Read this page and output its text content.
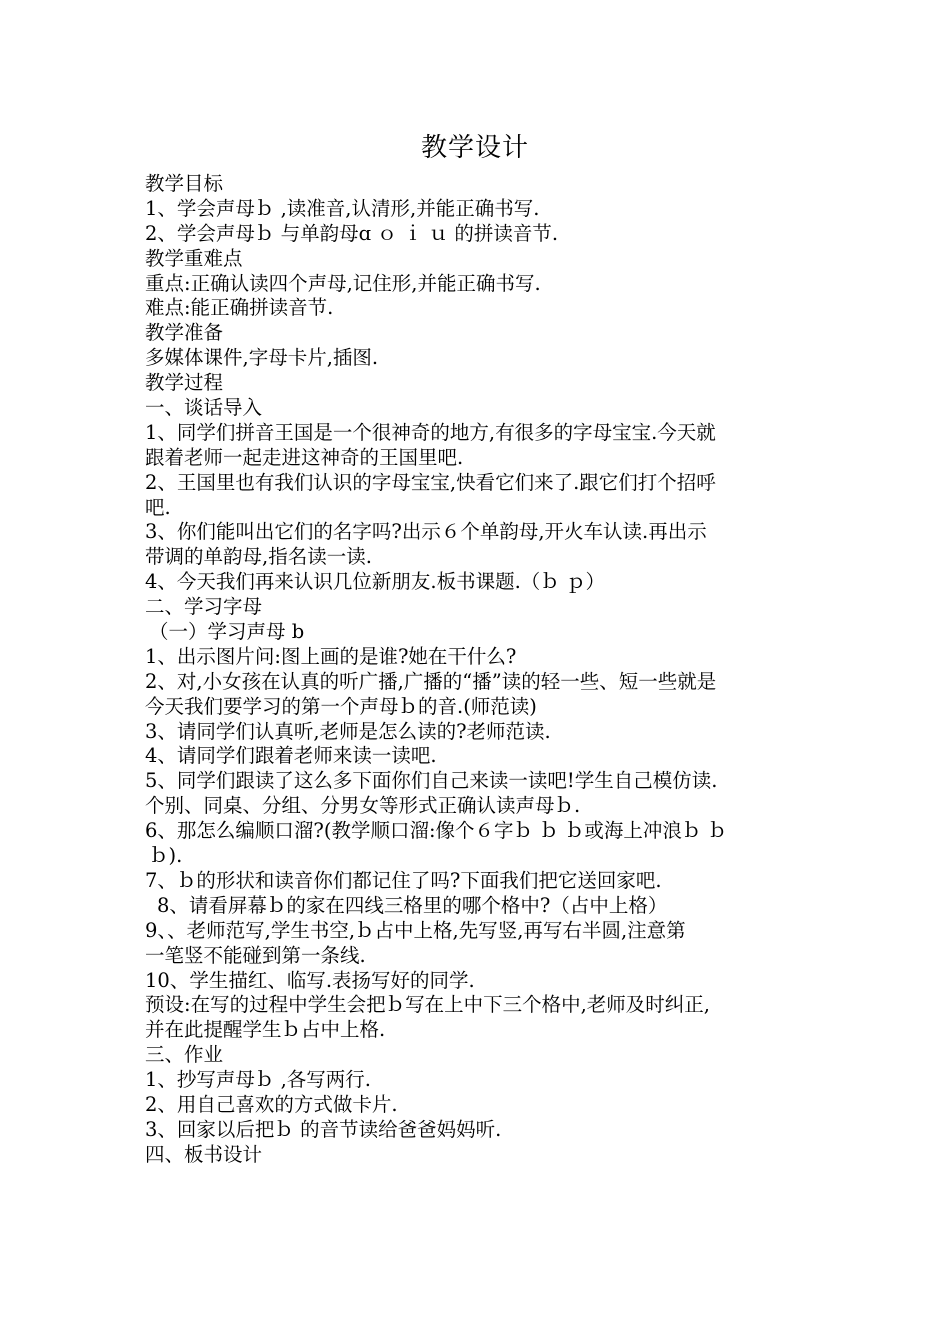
教学设计

教学目标

1、学会声母ｂ ,读准音,认清形,并能正确书写.

2、学会声母ｂ 与单韵母ɑ ｏ ｉ ｕ 的拼读音节.

教学重难点

重点:正确认读四个声母,记住形,并能正确书写.

难点:能正确拼读音节.

教学准备

多媒体课件,字母卡片,插图.

教学过程

一、谈话导入

1、同学们拼音王国是一个很神奇的地方,有很多的字母宝宝.今天就

跟着老师一起走进这神奇的王国里吧.

2、王国里也有我们认识的字母宝宝,快看它们来了.跟它们打个招呼

吧.

3、你们能叫出它们的名字吗?出示６个单韵母,开火车认读.再出示

带调的单韵母,指名读一读.

4、今天我们再来认识几位新朋友.板书课题.（ｂ ｐ）

二、学习字母

（一）学习声母 b

1、出示图片问:图上画的是谁?她在干什么?

2、对,小女孩在认真的听广播,广播的“播”读的轻一些、短一些就是

今天我们要学习的第一个声母ｂ的音.(师范读)

3、请同学们认真听,老师是怎么读的?老师范读.

4、请同学们跟着老师来读一读吧.

5、同学们跟读了这么多下面你们自己来读一读吧!学生自己模仿读.

个别、同桌、分组、分男女等形式正确认读声母ｂ.

6、那怎么编顺口溜?(教学顺口溜:像个６字ｂ ｂ ｂ或海上冲浪ｂ ｂ

ｂ).

7、ｂ的形状和读音你们都记住了吗?下面我们把它送回家吧.

8、请看屏幕ｂ的家在四线三格里的哪个格中?（占中上格）

9、、老师范写,学生书空,ｂ占中上格,先写竖,再写右半圆,注意第

一笔竖不能碰到第一条线.

10、学生描红、临写.表扬写好的同学.

预设:在写的过程中学生会把ｂ写在上中下三个格中,老师及时纠正,

并在此提醒学生ｂ占中上格.

三、作业

1、抄写声母ｂ ,各写两行.

2、用自己喜欢的方式做卡片.

3、回家以后把ｂ 的音节读给爸爸妈妈听.

四、板书设计
